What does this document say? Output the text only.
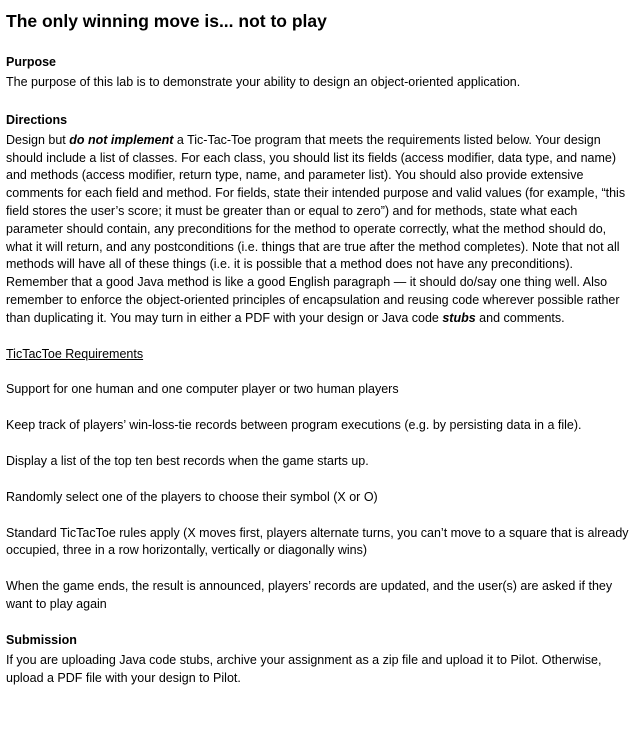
The only winning move is... not to play
Purpose

The purpose of this lab is to demonstrate your ability to design an object-oriented application.

Directions

Design but do not implement a Tic-Tac-Toe program that meets the requirements listed below. Your design should include a list of classes. For each class, you should list its fields (access modifier, data type, and name) and methods (access modifier, return type, name, and parameter list). You should also provide extensive comments for each field and method. For fields, state their intended purpose and valid values (for example, “this field stores the user’s score; it must be greater than or equal to zero”) and for methods, state what each parameter should contain, any preconditions for the method to operate correctly, what the method should do, what it will return, and any postconditions (i.e. things that are true after the method completes). Note that not all methods will have all of these things (i.e. it is possible that a method does not have any preconditions). Remember that a good Java method is like a good English paragraph — it should do/say one thing well. Also remember to enforce the object-oriented principles of encapsulation and reusing code wherever possible rather than duplicating it. You may turn in either a PDF with your design or Java code stubs and comments.

TicTacToe Requirements

Support for one human and one computer player or two human players

Keep track of players’ win-loss-tie records between program executions (e.g. by persisting data in a file).

Display a list of the top ten best records when the game starts up.

Randomly select one of the players to choose their symbol (X or O)

Standard TicTacToe rules apply (X moves first, players alternate turns, you can’t move to a square that is already occupied, three in a row horizontally, vertically or diagonally wins)

When the game ends, the result is announced, players’ records are updated, and the user(s) are asked if they want to play again

Submission

If you are uploading Java code stubs, archive your assignment as a zip file and upload it to Pilot. Otherwise, upload a PDF file with your design to Pilot.
